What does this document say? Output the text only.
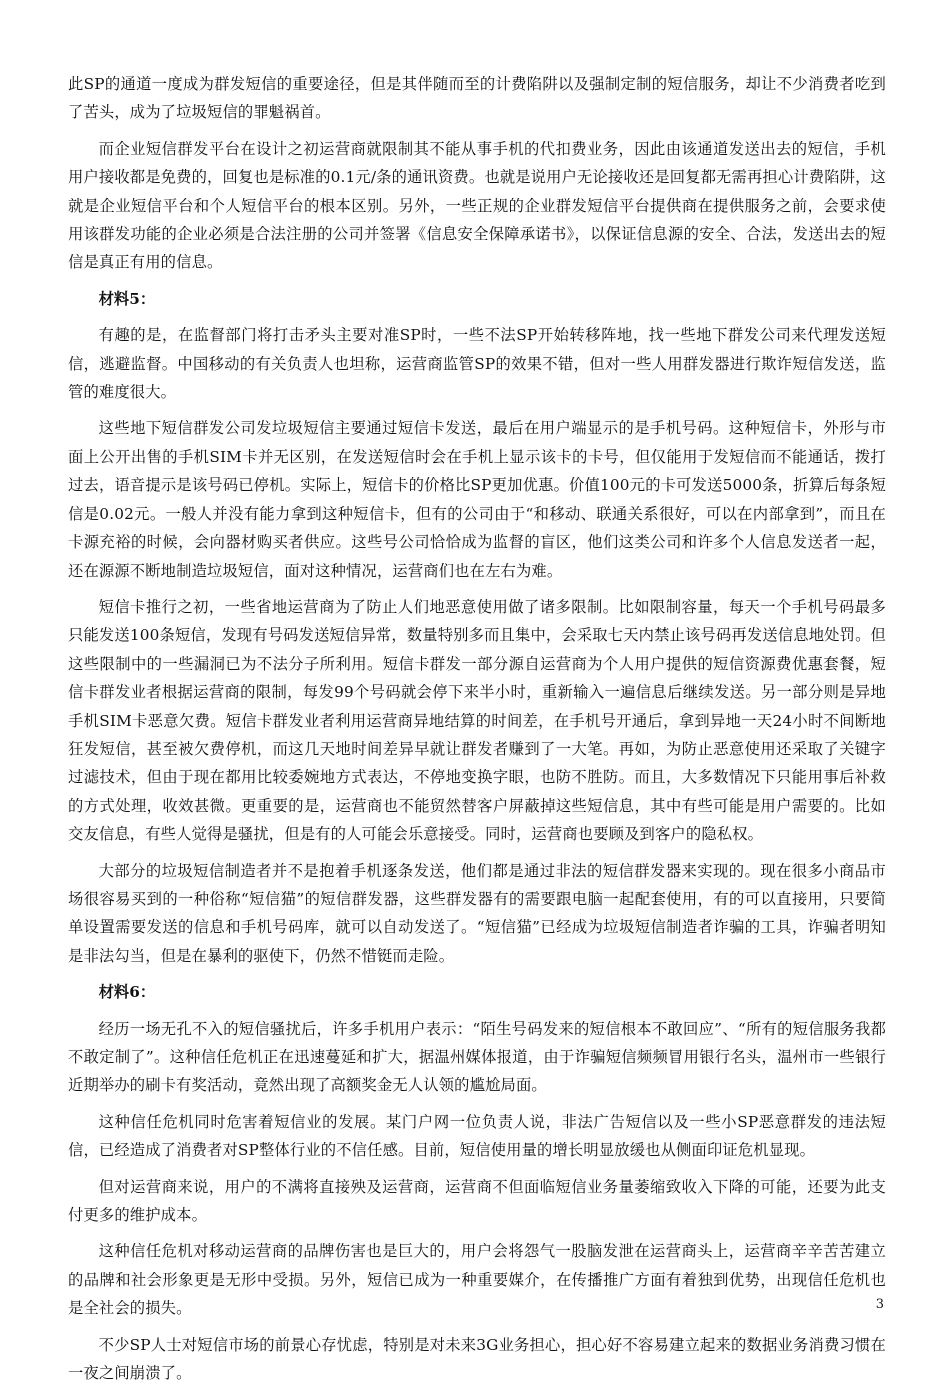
此SP的通道一度成为群发短信的重要途径，但是其伴随而至的计费陷阱以及强制定制的短信服务，却让不少消费者吃到了苦头，成为了垃圾短信的罪魁祸首。

而企业短信群发平台在设计之初运营商就限制其不能从事手机的代扣费业务，因此由该通道发送出去的短信，手机用户接收都是免费的，回复也是标准的0.1元/条的通讯资费。也就是说用户无论接收还是回复都无需再担心计费陷阱，这就是企业短信平台和个人短信平台的根本区别。另外，一些正规的企业群发短信平台提供商在提供服务之前，会要求使用该群发功能的企业必须是合法注册的公司并签署《信息安全保障承诺书》，以保证信息源的安全、合法，发送出去的短信是真正有用的信息。

材料5：

有趣的是，在监督部门将打击矛头主要对准SP时，一些不法SP开始转移阵地，找一些地下群发公司来代理发送短信，逃避监督。中国移动的有关负责人也坦称，运营商监管SP的效果不错，但对一些人用群发器进行欺诈短信发送，监管的难度很大。

这些地下短信群发公司发垃圾短信主要通过短信卡发送，最后在用户端显示的是手机号码。这种短信卡，外形与市面上公开出售的手机SIM卡并无区别，在发送短信时会在手机上显示该卡的卡号，但仅能用于发短信而不能通话，拨打过去，语音提示是该号码已停机。实际上，短信卡的价格比SP更加优惠。价值100元的卡可发送5000条，折算后每条短信是0.02元。一般人并没有能力拿到这种短信卡，但有的公司由于“和移动、联通关系很好，可以在内部拿到”，而且在卡源充裕的时候，会向器材购买者供应。这些号公司恰恰成为监督的盲区，他们这类公司和许多个人信息发送者一起，还在源源不断地制造垃圾短信，面对这种情况，运营商们也在左右为难。

短信卡推行之初，一些省地运营商为了防止人们地恶意使用做了诸多限制。比如限制容量，每天一个手机号码最多只能发送100条短信，发现有号码发送短信异常，数量特别多而且集中，会采取七天内禁止该号码再发送信息地处罚。但这些限制中的一些漏洞已为不法分子所利用。短信卡群发一部分源自运营商为个人用户提供的短信资源费优惠套餐，短信卡群发业者根据运营商的限制，每发99个号码就会停下来半小时，重新输入一遍信息后继续发送。另一部分则是异地手机SIM卡恶意欠费。短信卡群发业者利用运营商异地结算的时间差，在手机号开通后，拿到异地一天24小时不间断地狂发短信，甚至被欠费停机，而这几天地时间差异早就让群发者赚到了一大笔。再如，为防止恶意使用还采取了关键字过滤技术，但由于现在都用比较委婉地方式表达，不停地变换字眼，也防不胜防。而且，大多数情况下只能用事后补救的方式处理，收效甚微。更重要的是，运营商也不能贸然替客户屏蔽掉这些短信息，其中有些可能是用户需要的。比如交友信息，有些人觉得是骚扰，但是有的人可能会乐意接受。同时，运营商也要顾及到客户的隐私权。

大部分的垃圾短信制造者并不是抱着手机逐条发送，他们都是通过非法的短信群发器来实现的。现在很多小商品市场很容易买到的一种俗称“短信猫”的短信群发器，这些群发器有的需要跟电脑一起配套使用，有的可以直接用，只要简单设置需要发送的信息和手机号码库，就可以自动发送了。“短信猫”已经成为垃圾短信制造者诈骗的工具，诈骗者明知是非法勾当，但是在暴利的驱使下，仍然不惜铤而走险。

材料6：

经历一场无孔不入的短信骚扰后，许多手机用户表示：“陌生号码发来的短信根本不敢回应”、“所有的短信服务我都不敢定制了”。这种信任危机正在迅速蔓延和扩大，据温州媒体报道，由于诈骗短信频频冒用银行名头，温州市一些银行近期举办的刷卡有奖活动，竟然出现了高额奖金无人认领的尴尬局面。

这种信任危机同时危害着短信业的发展。某门户网一位负责人说，非法广告短信以及一些小SP恶意群发的违法短信，已经造成了消费者对SP整体行业的不信任感。目前，短信使用量的增长明显放缓也从侧面印证危机显现。

但对运营商来说，用户的不满将直接殃及运营商，运营商不但面临短信业务量萎缩致收入下降的可能，还要为此支付更多的维护成本。

这种信任危机对移动运营商的品牌伤害也是巨大的，用户会将怨气一股脑发泄在运营商头上，运营商辛辛苦苦建立的品牌和社会形象更是无形中受损。另外，短信已成为一种重要媒介，在传播推广方面有着独到优势，出现信任危机也是全社会的损失。

不少SP人士对短信市场的前景心存忧虑，特别是对未来3G业务担心，担心好不容易建立起来的数据业务消费习惯在一夜之间崩溃了。

3
